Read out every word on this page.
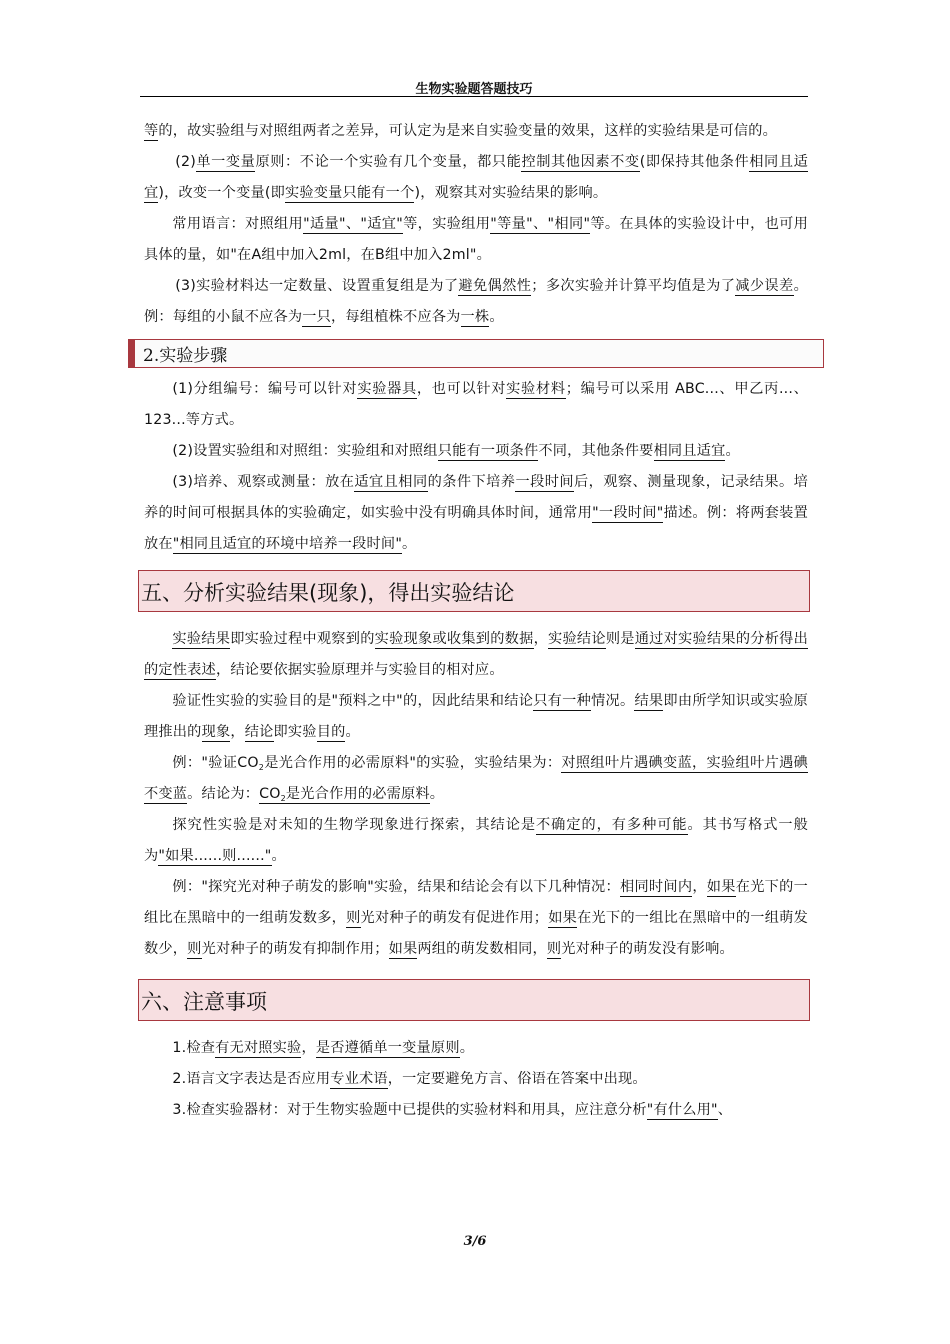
生物实验题答题技巧

等的，故实验组与对照组两者之差异，可认定为是来自实验变量的效果，这样的实验结果是可信的。

(2)单一变量原则：不论一个实验有几个变量，都只能控制其他因素不变(即保持其他条件相同且适宜)，改变一个变量(即实验变量只能有一个)，观察其对实验结果的影响。

常用语言：对照组用"适量"、"适宜"等，实验组用"等量"、"相同"等。在具体的实验设计中，也可用具体的量，如"在A组中加入2ml，在B组中加入2ml"。

(3)实验材料达一定数量、设置重复组是为了避免偶然性；多次实验并计算平均值是为了减少误差。例：每组的小鼠不应各为一只，每组植株不应各为一株。

2.实验步骤

(1)分组编号：编号可以针对实验器具，也可以针对实验材料；编号可以采用 ABC...、甲乙丙...、123...等方式。

(2)设置实验组和对照组：实验组和对照组只能有一项条件不同，其他条件要相同且适宜。

(3)培养、观察或测量：放在适宜且相同的条件下培养一段时间后，观察、测量现象，记录结果。培养的时间可根据具体的实验确定，如实验中没有明确具体时间，通常用"一段时间"描述。例：将两套装置放在"相同且适宜的环境中培养一段时间"。

五、分析实验结果(现象)，得出实验结论

实验结果即实验过程中观察到的实验现象或收集到的数据，实验结论则是通过对实验结果的分析得出的定性表述，结论要依据实验原理并与实验目的相对应。

验证性实验的实验目的是"预料之中"的，因此结果和结论只有一种情况。结果即由所学知识或实验原理推出的现象，结论即实验目的。

例："验证$CO_2$是光合作用的必需原料"的实验，实验结果为：对照组叶片遇碘变蓝，实验组叶片遇碘不变蓝。结论为：$CO_2$是光合作用的必需原料。

探究性实验是对未知的生物学现象进行探索，其结论是不确定的，有多种可能。其书写格式一般为"如果......则......"。

例："探究光对种子萌发的影响"实验，结果和结论会有以下几种情况：相同时间内，如果在光下的一组比在黑暗中的一组萌发数多，则光对种子的萌发有促进作用；如果在光下的一组比在黑暗中的一组萌发数少，则光对种子的萌发有抑制作用；如果两组的萌发数相同，则光对种子的萌发没有影响。

六、注意事项

1.检查有无对照实验，是否遵循单一变量原则。

2.语言文字表达是否应用专业术语，一定要避免方言、俗语在答案中出现。

3.检查实验器材：对于生物实验题中已提供的实验材料和用具，应注意分析"有什么用"、

3/6
